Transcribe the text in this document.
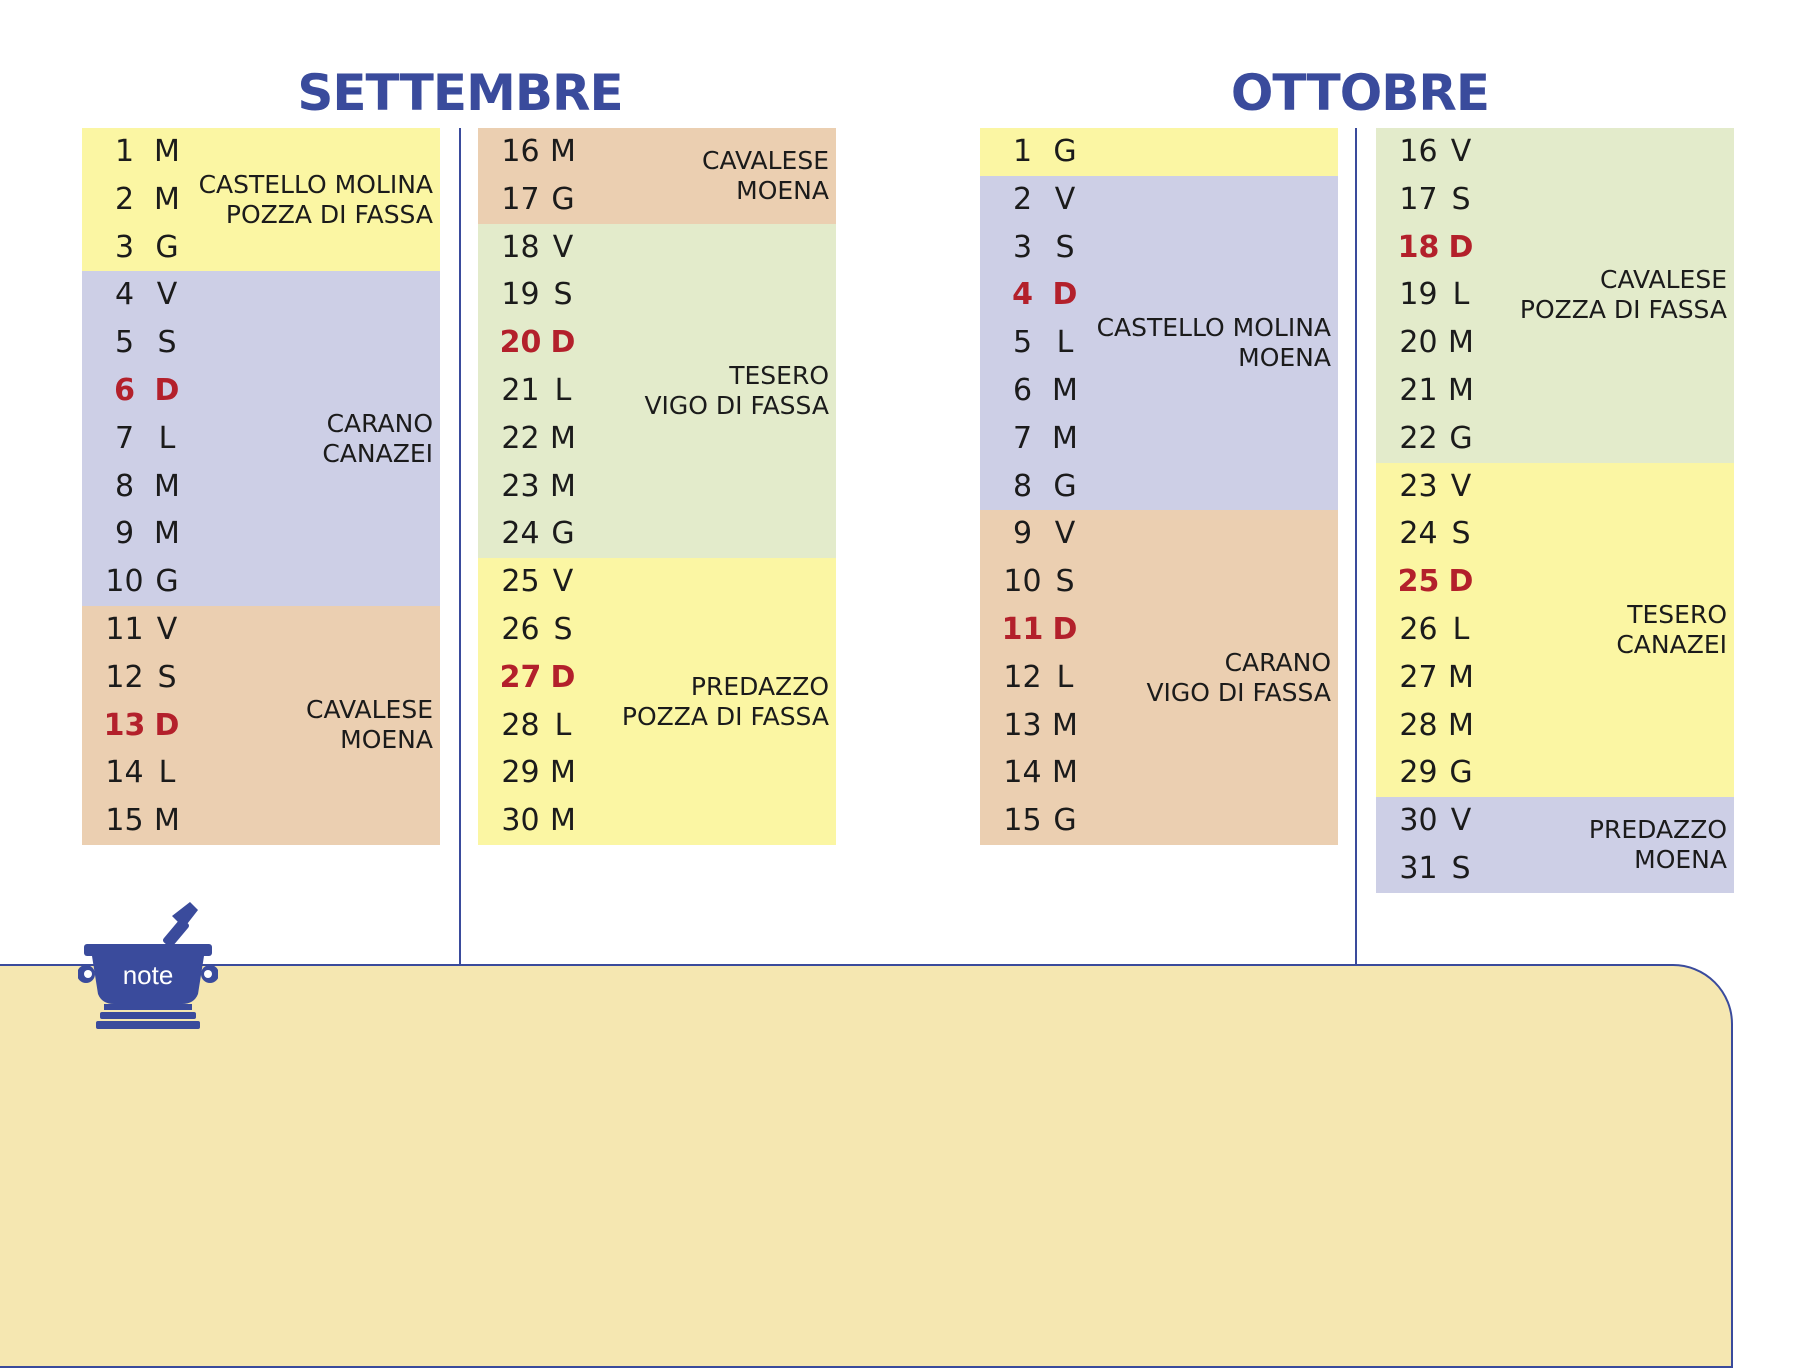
SETTEMBRE	OTTOBRE
1 M
2 M
3 G
CASTELLO MOLINA
POZZA DI FASSA
4 V
5 S
6 D
7 L
8 M
9 M
10 G
CARANO
CANAZEI
11 V
12 S
13 D
14 L
15 M
CAVALESE
MOENA
16 M
17 G
CAVALESE
MOENA
18 V
19 S
20 D
21 L
22 M
23 M
24 G
TESERO
VIGO DI FASSA
25 V
26 S
27 D
28 L
29 M
30 M
PREDAZZO
POZZA DI FASSA
1 G
2 V
3 S
4 D
5 L
6 M
7 M
8 G
CASTELLO MOLINA
MOENA
9 V
10 S
11 D
12 L
13 M
14 M
15 G
CARANO
VIGO DI FASSA
16 V
17 S
18 D
19 L
20 M
21 M
22 G
CAVALESE
POZZA DI FASSA
23 V
24 S
25 D
26 L
27 M
28 M
29 G
TESERO
CANAZEI
30 V
31 S
PREDAZZO
MOENA
note
